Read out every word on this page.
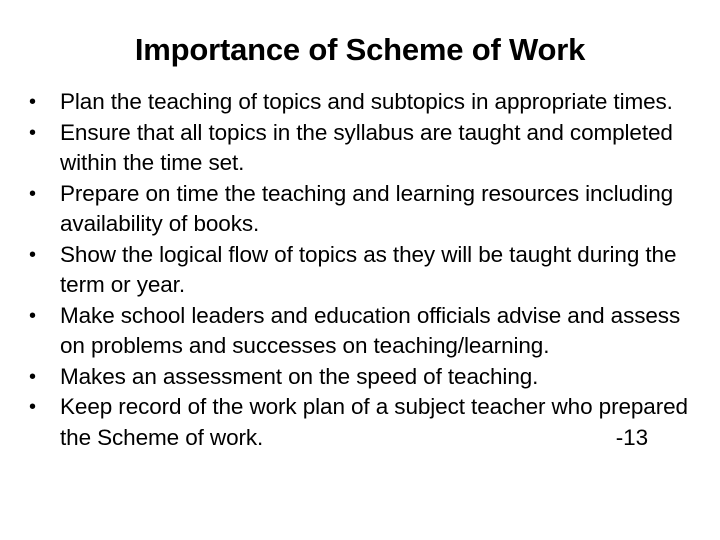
Importance of Scheme of Work
• Plan the teaching of topics and subtopics in appropriate times.
• Ensure that all topics in the syllabus are taught and completed within the time set.
• Prepare on time the teaching and learning resources including availability of books.
• Show the logical flow of topics as they will be taught during the term or year.
• Make school leaders and education officials advise and assess on problems and successes on teaching/learning.
• Makes an assessment on the speed of teaching.
• Keep record of the work plan of a subject teacher who prepared the Scheme of work.	-13
